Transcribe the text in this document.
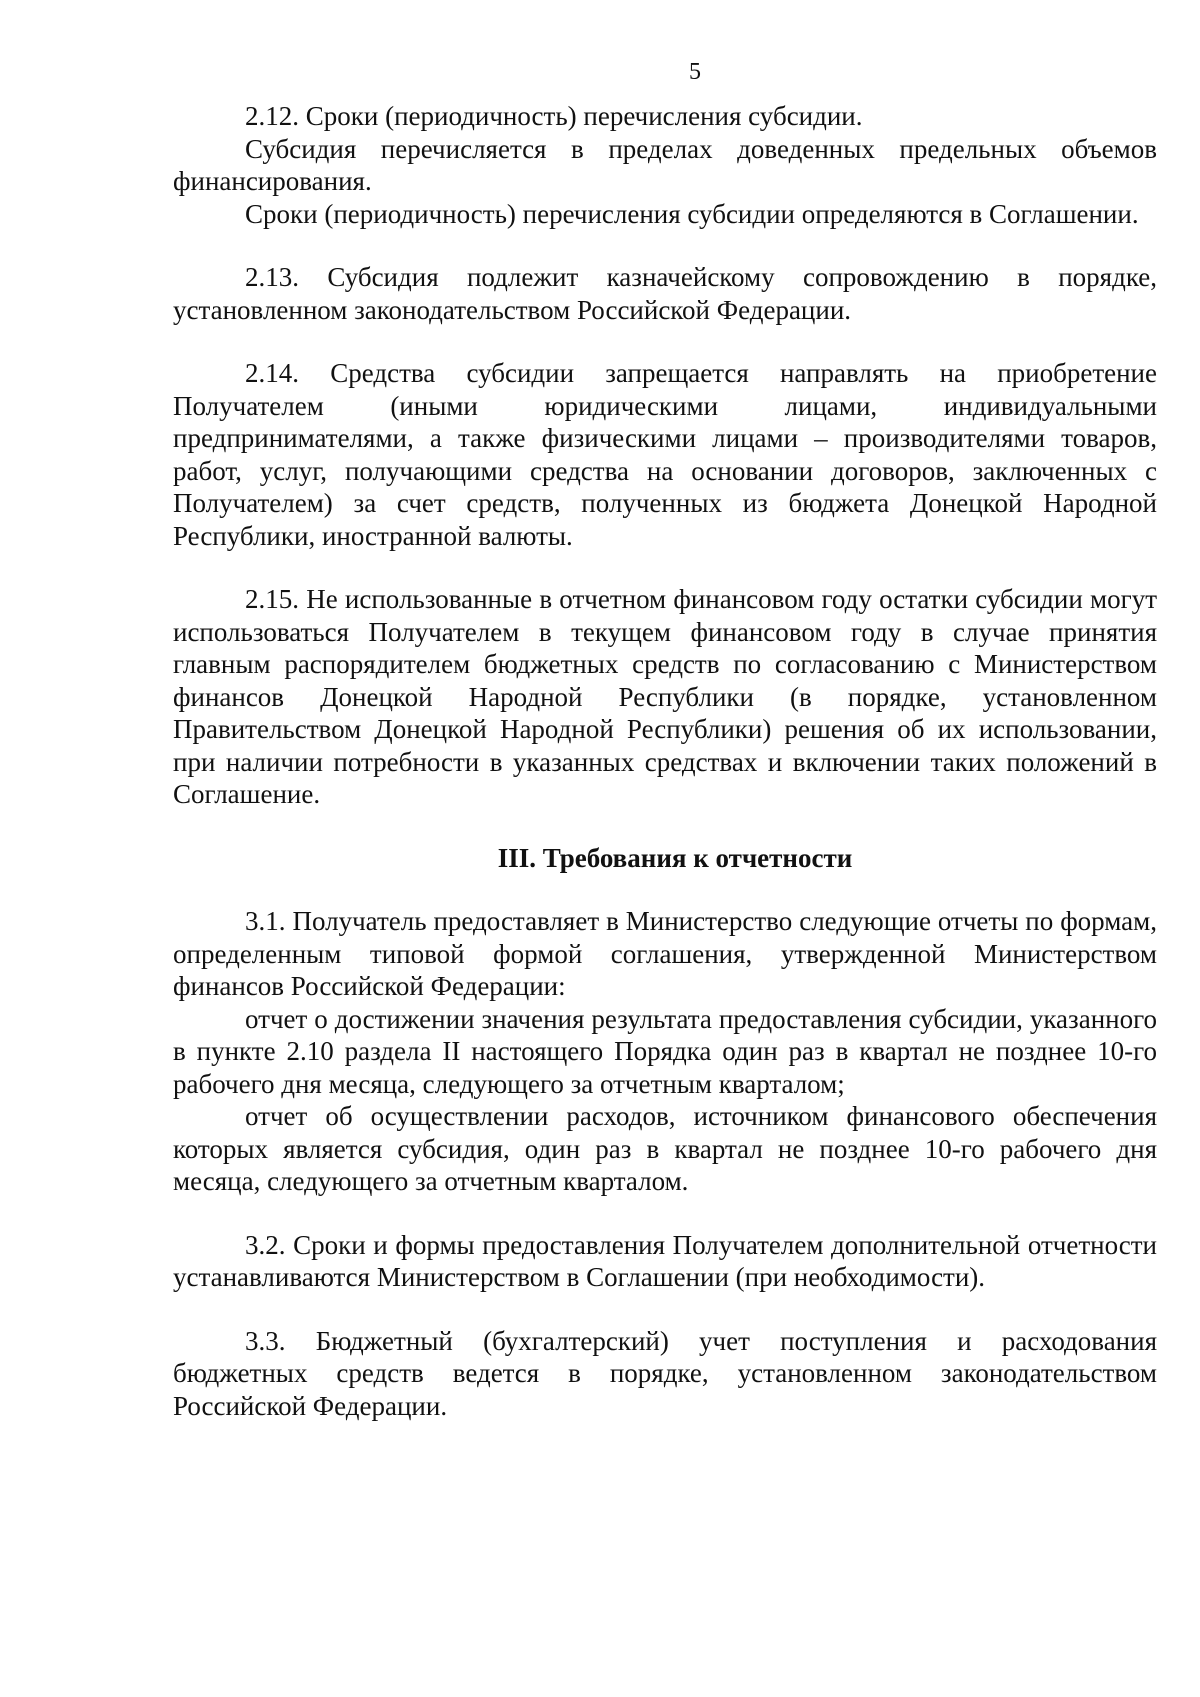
5

2.12. Сроки (периодичность) перечисления субсидии.

Субсидия перечисляется в пределах доведенных предельных объемов финансирования.

Сроки (периодичность) перечисления субсидии определяются в Соглашении.

2.13. Субсидия подлежит казначейскому сопровождению в порядке, установленном законодательством Российской Федерации.

2.14. Средства субсидии запрещается направлять на приобретение Получателем (иными юридическими лицами, индивидуальными предпринимателями, а также физическими лицами – производителями товаров, работ, услуг, получающими средства на основании договоров, заключенных с Получателем) за счет средств, полученных из бюджета Донецкой Народной Республики, иностранной валюты.

2.15. Не использованные в отчетном финансовом году остатки субсидии могут использоваться Получателем в текущем финансовом году в случае принятия главным распорядителем бюджетных средств по согласованию с Министерством финансов Донецкой Народной Республики (в порядке, установленном Правительством Донецкой Народной Республики) решения об их использовании, при наличии потребности в указанных средствах и включении таких положений в Соглашение.

III. Требования к отчетности

3.1. Получатель предоставляет в Министерство следующие отчеты по формам, определенным типовой формой соглашения, утвержденной Министерством финансов Российской Федерации:

отчет о достижении значения результата предоставления субсидии, указанного в пункте 2.10 раздела II настоящего Порядка один раз в квартал не позднее 10-го рабочего дня месяца, следующего за отчетным кварталом;

отчет об осуществлении расходов, источником финансового обеспечения которых является субсидия, один раз в квартал не позднее 10-го рабочего дня месяца, следующего за отчетным кварталом.

3.2. Сроки и формы предоставления Получателем дополнительной отчетности устанавливаются Министерством в Соглашении (при необходимости).

3.3. Бюджетный (бухгалтерский) учет поступления и расходования бюджетных средств ведется в порядке, установленном законодательством Российской Федерации.
